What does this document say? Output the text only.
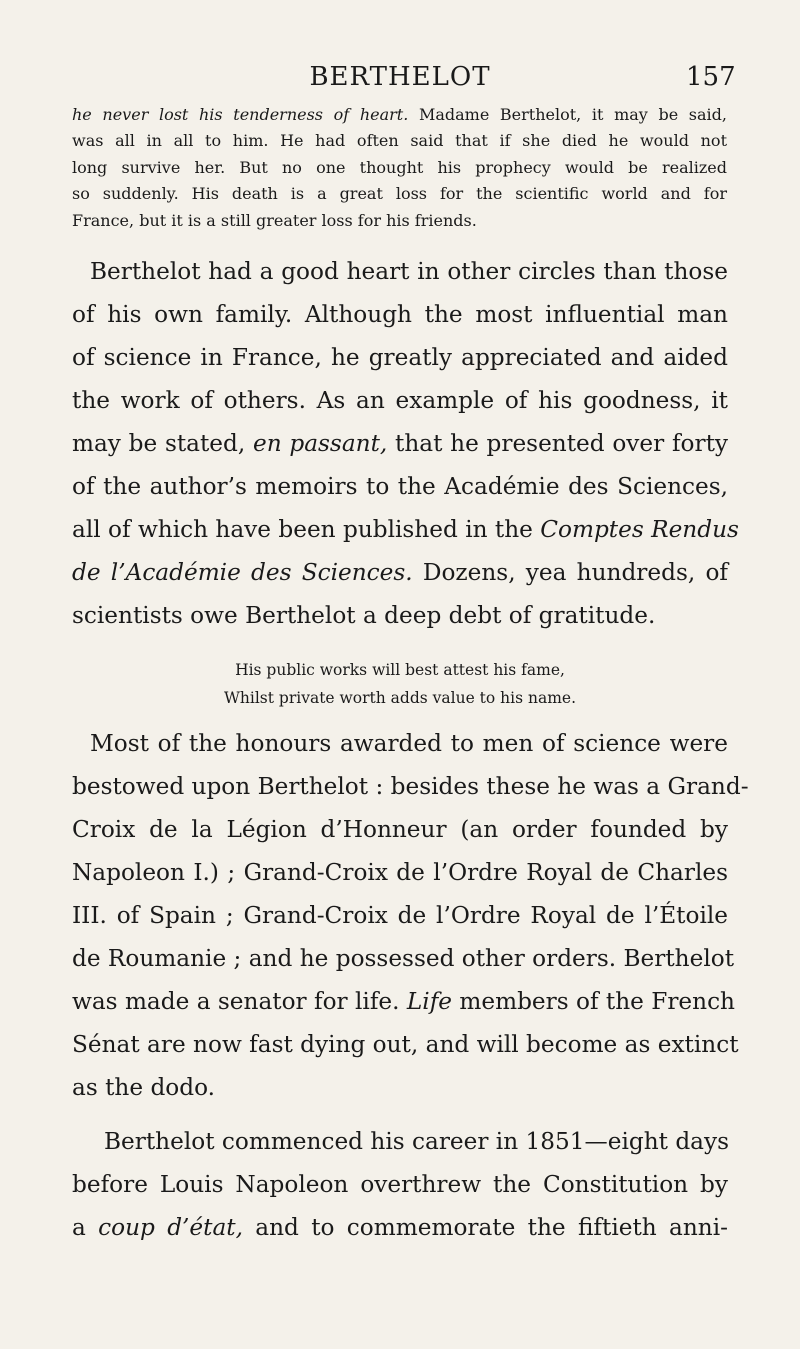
BERTHELOT	157
he never lost his tenderness of heart. Madame Berthelot, it may be said,
was all in all to him. He had often said that if she died he would not
long survive her. But no one thought his prophecy would be realized
so suddenly. His death is a great loss for the scientific world and for
France, but it is a still greater loss for his friends.
Berthelot had a good heart in other circles than those
of his own family. Although the most influential man
of science in France, he greatly appreciated and aided
the work of others. As an example of his goodness, it
may be stated, en passant, that he presented over forty
of the author’s memoirs to the Académie des Sciences,
all of which have been published in the Comptes Rendus
de l’Académie des Sciences. Dozens, yea hundreds, of
scientists owe Berthelot a deep debt of gratitude.
His public works will best attest his fame,
Whilst private worth adds value to his name.
Most of the honours awarded to men of science were
bestowed upon Berthelot : besides these he was a Grand-
Croix de la Légion d’Honneur (an order founded by
Napoleon I.) ; Grand-Croix de l’Ordre Royal de Charles
III. of Spain ; Grand-Croix de l’Ordre Royal de l’Étoile
de Roumanie ; and he possessed other orders. Berthelot
was made a senator for life. Life members of the French
Sénat are now fast dying out, and will become as extinct
as the dodo.
Berthelot commenced his career in 1851—eight days
before Louis Napoleon overthrew the Constitution by
a coup d’état, and to commemorate the fiftieth anni-
